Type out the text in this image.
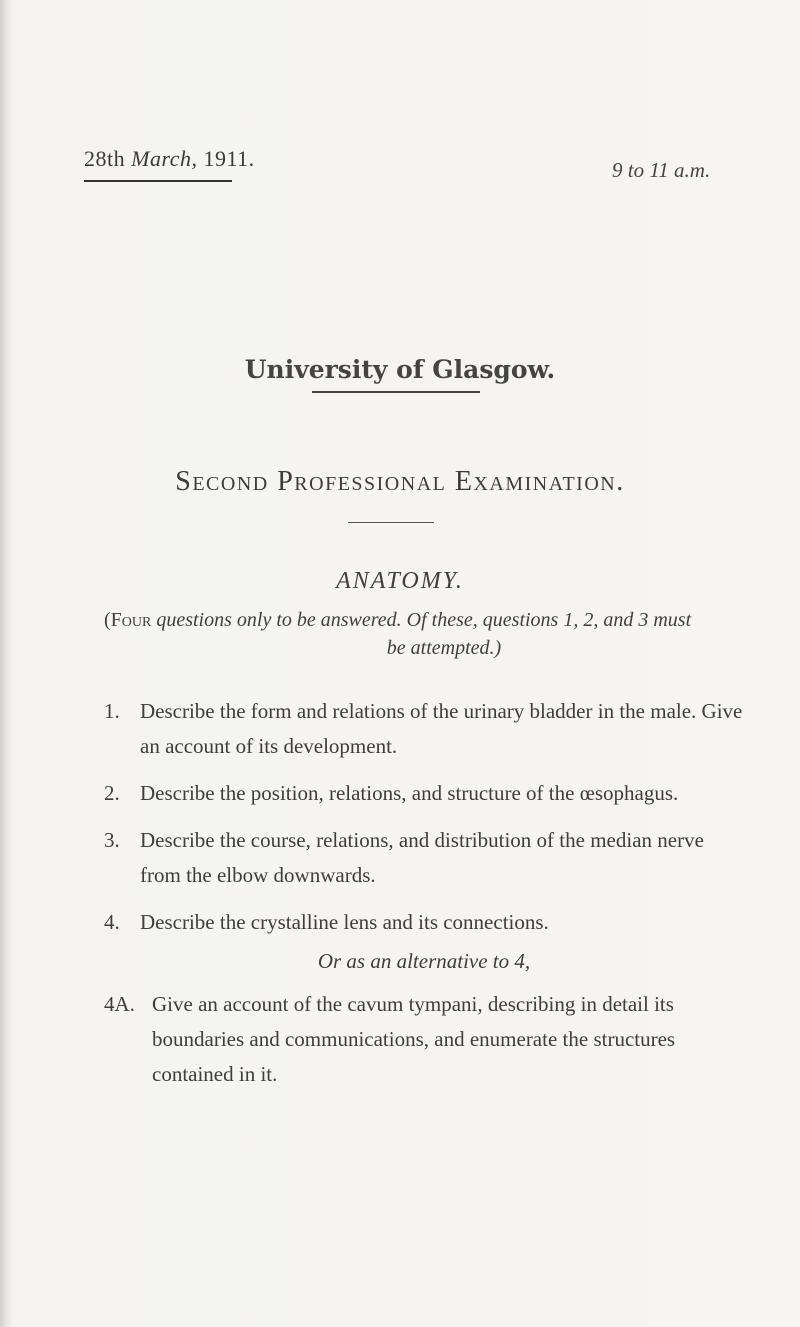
28th March, 1911.	9 to 11 a.m.
University of Glasgow.
Second Professional Examination.
ANATOMY.
(Four questions only to be answered. Of these, questions 1, 2, and 3 must
be attempted.)
1. Describe the form and relations of the urinary bladder in the male. Give an account of its development.
2. Describe the position, relations, and structure of the œsophagus.
3. Describe the course, relations, and distribution of the median nerve from the elbow downwards.
4. Describe the crystalline lens and its connections.
Or as an alternative to 4,
4A. Give an account of the cavum tympani, describing in detail its boundaries and communications, and enumerate the structures contained in it.
